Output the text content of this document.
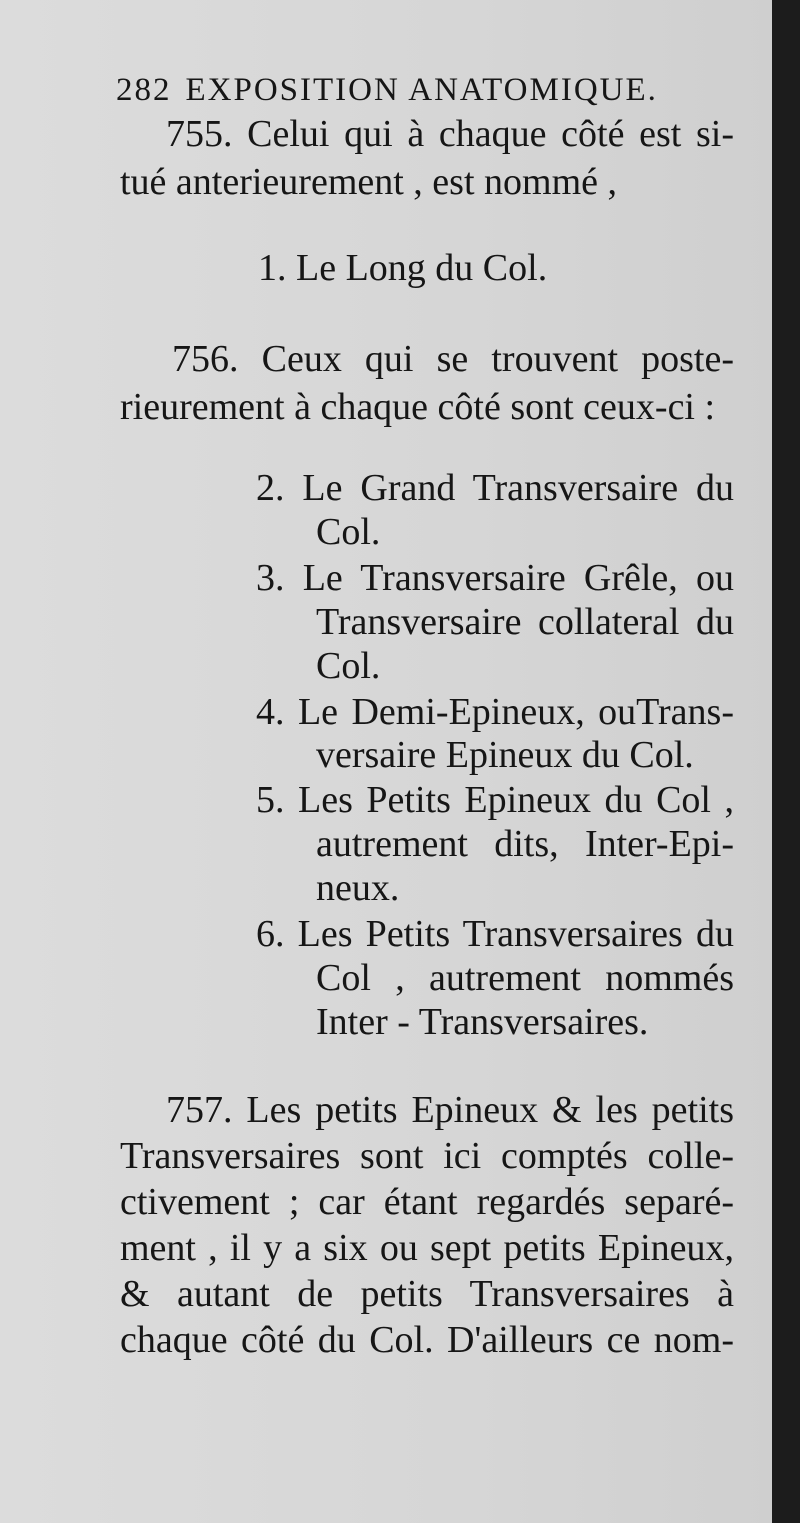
282 EXPOSITION ANATOMIQUE.
755. Celui qui à chaque côté est si-
tué anterieurement , est nommé ,
1. Le Long du Col.
756. Ceux qui se trouvent poste-
rieurement à chaque côté sont ceux-ci :
2. Le Grand Transversaire du
Col.
3. Le Transversaire Grêle, ou
Transversaire collateral du
Col.
4. Le Demi-Epineux, ouTrans-
versaire Epineux du Col.
5. Les Petits Epineux du Col ,
autrement dits, Inter-Epi-
neux.
6. Les Petits Transversaires du
Col , autrement nommés
Inter - Transversaires.
757. Les petits Epineux & les petits
Transversaires sont ici comptés colle-
ctivement ; car étant regardés separé-
ment , il y a six ou sept petits Epineux,
& autant de petits Transversaires à
chaque côté du Col. D'ailleurs ce nom-
